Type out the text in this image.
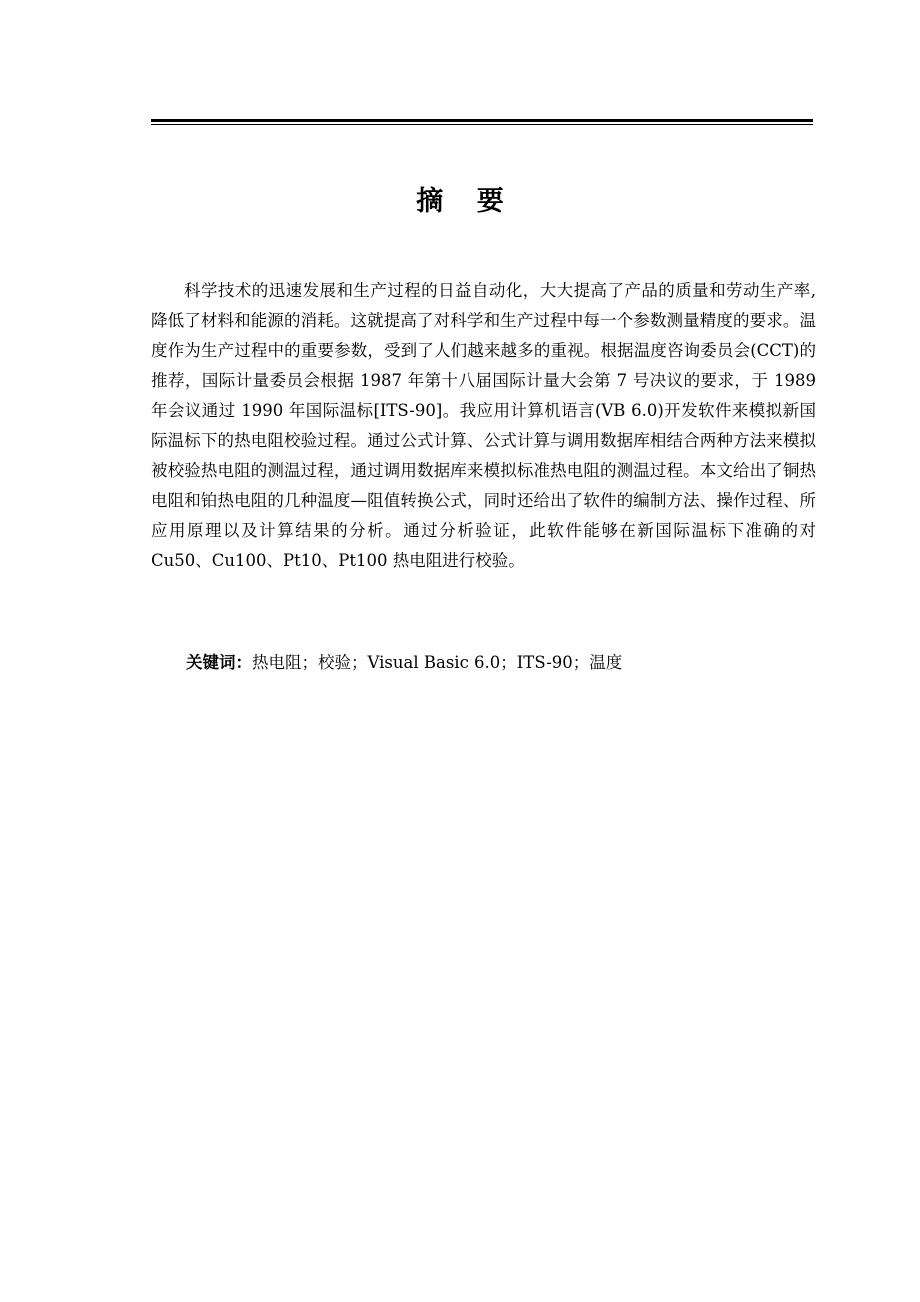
摘 要

科学技术的迅速发展和生产过程的日益自动化，大大提高了产品的质量和劳动生产率, 降低了材料和能源的消耗。这就提高了对科学和生产过程中每一个参数测量精度的要求。温度作为生产过程中的重要参数，受到了人们越来越多的重视。根据温度咨询委员会(CCT)的推荐，国际计量委员会根据 1987 年第十八届国际计量大会第 7 号决议的要求，于 1989 年会议通过 1990 年国际温标[ITS-90]。我应用计算机语言(VB 6.0)开发软件来模拟新国际温标下的热电阻校验过程。通过公式计算、公式计算与调用数据库相结合两种方法来模拟被校验热电阻的测温过程，通过调用数据库来模拟标准热电阻的测温过程。本文给出了铜热电阻和铂热电阻的几种温度—阻值转换公式，同时还给出了软件的编制方法、操作过程、所应用原理以及计算结果的分析。通过分析验证，此软件能够在新国际温标下准确的对 Cu50、Cu100、Pt10、Pt100 热电阻进行校验。

关键词：热电阻；校验；Visual Basic 6.0；ITS-90；温度
